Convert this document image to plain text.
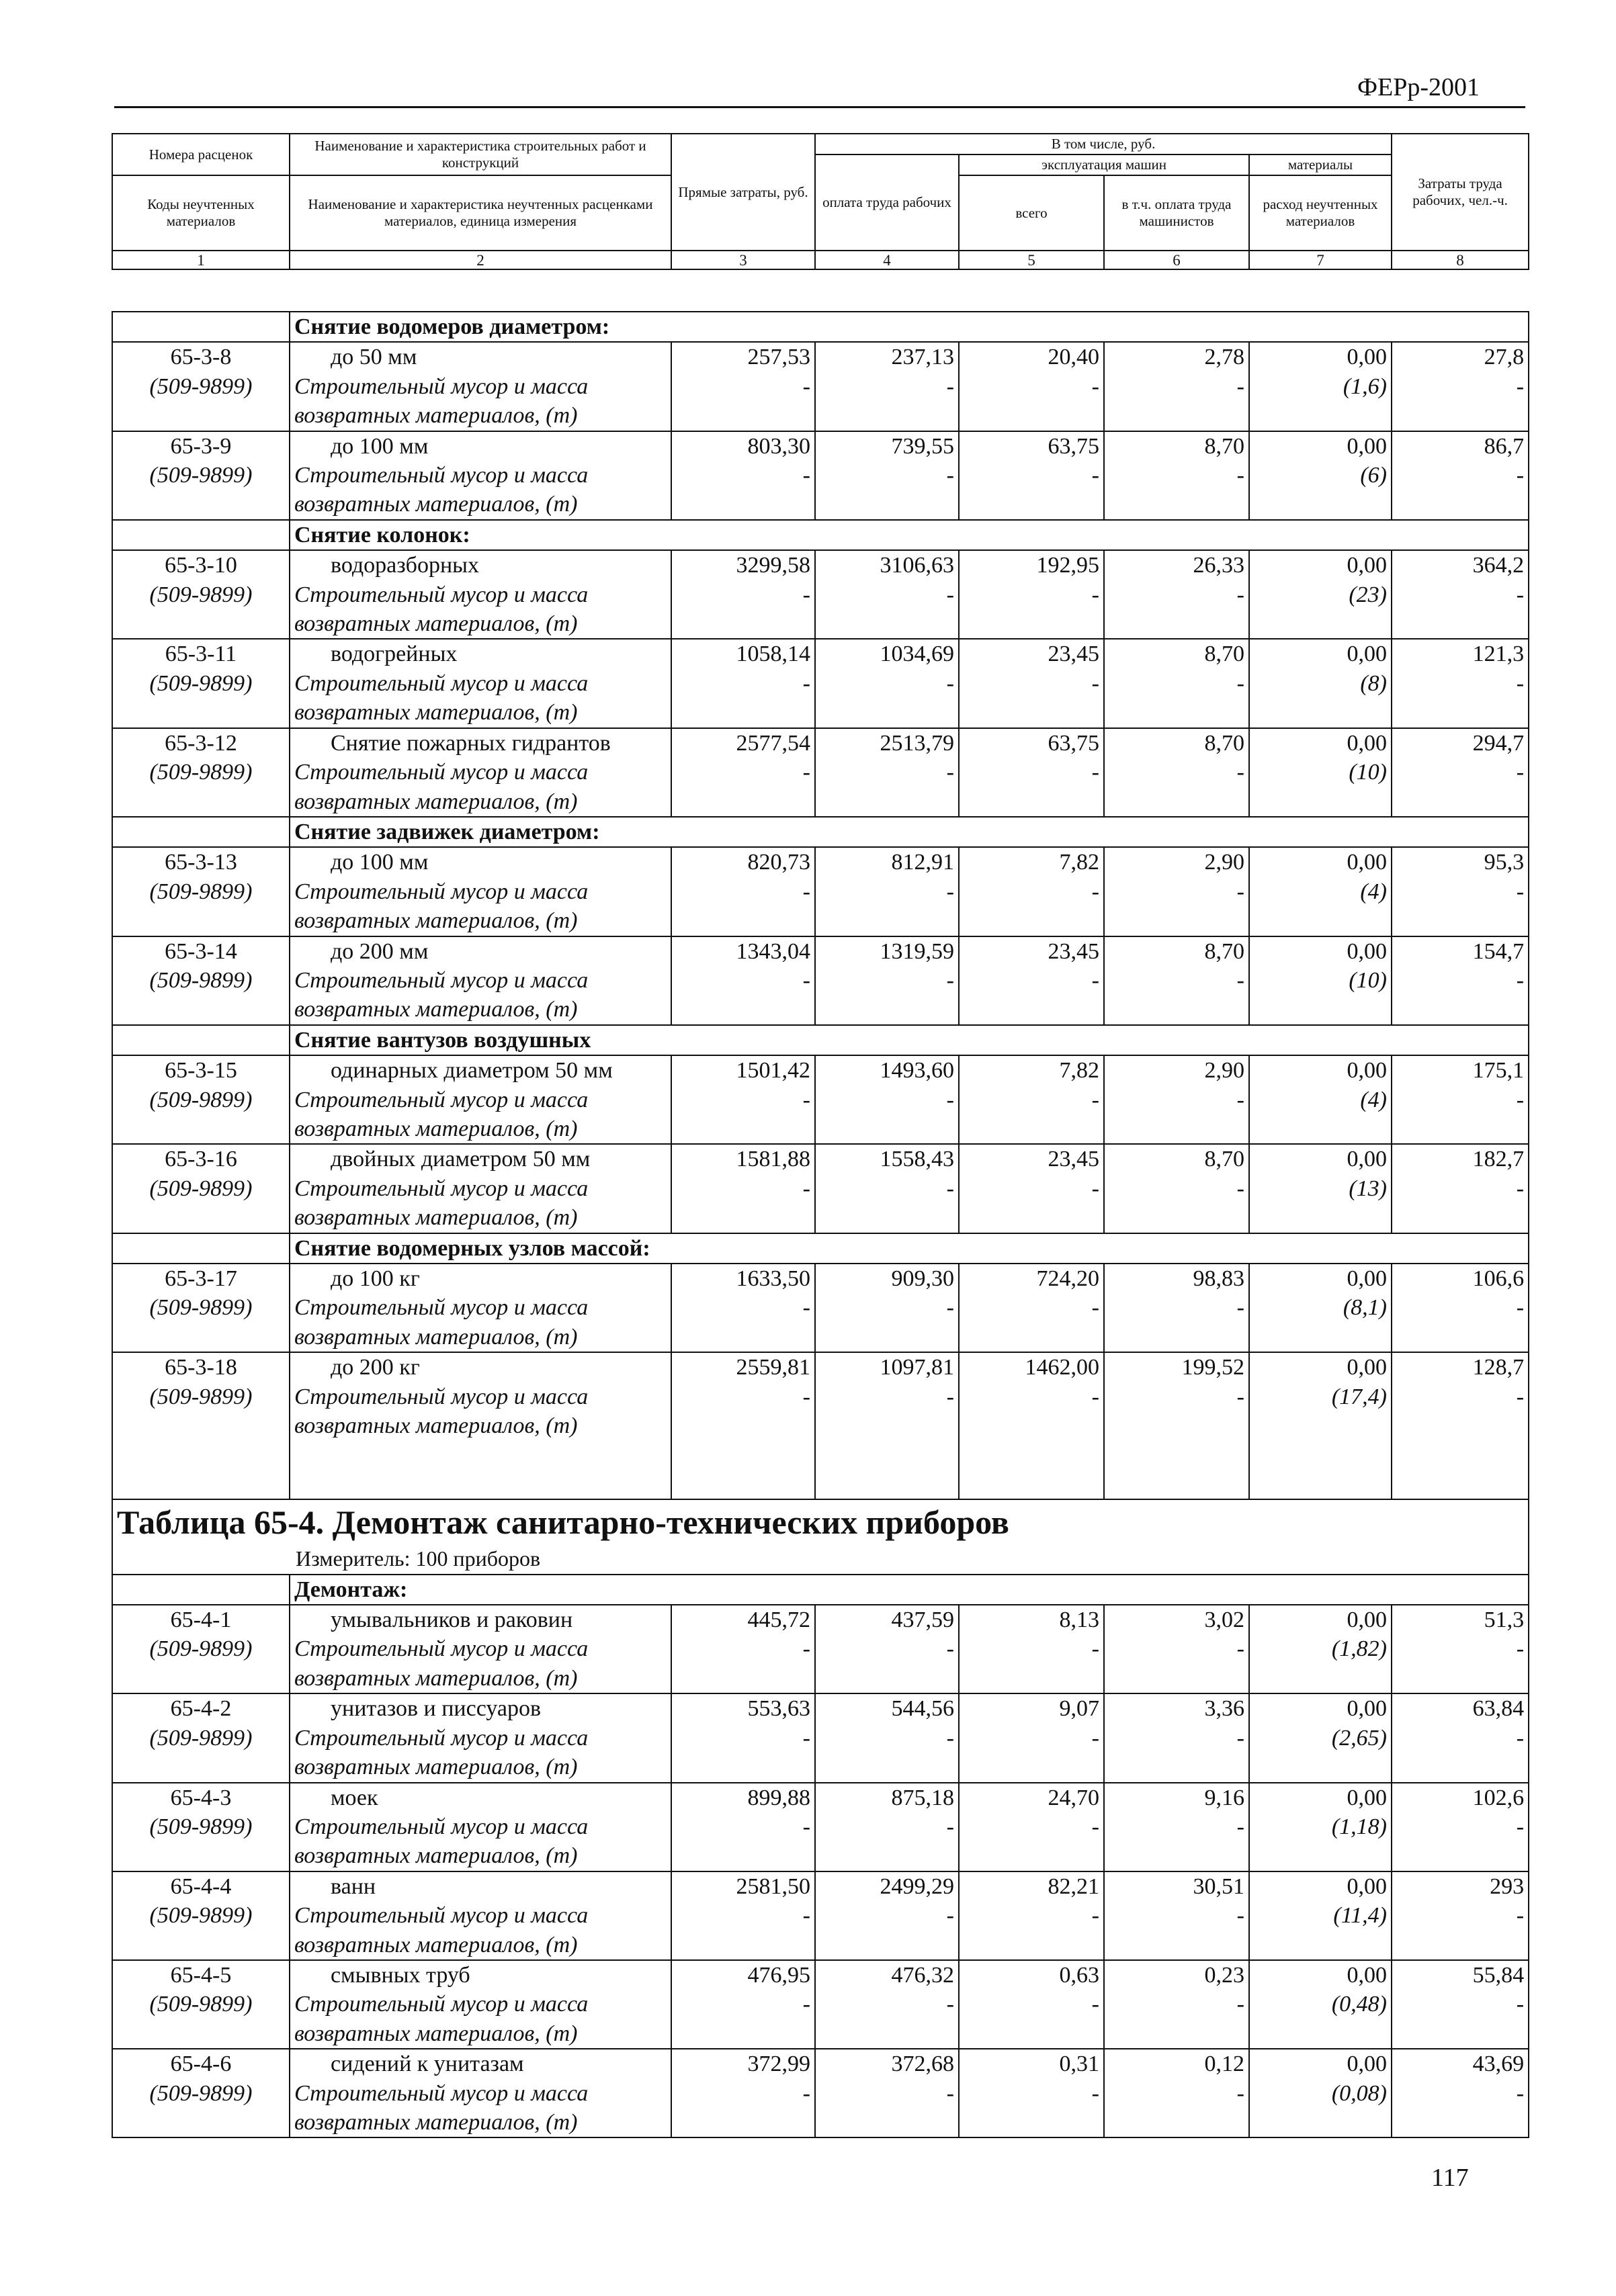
ФЕРр-2001
Номера расценок	Наименование и характеристика строительных работ и конструкций	Прямые затраты, руб.	В том числе, руб.				Затраты труда рабочих, чел.-ч.
			оплата труда рабочих	эксплуатация машин		материалы	
Коды неучтенных материалов	Наименование и характеристика неучтенных расценками материалов, единица измерения			всего	в т.ч. оплата труда машинистов	расход неучтенных материалов	

1	2	3	4	5	6	7	8
	Снятие водомеров диаметром:						
65-3-8	до 50 мм	257,53	237,13	20,40	2,78	0,00	27,8
(509-9899)	Строительный мусор и масса	-	-	-	-	(1,6)	-
	возвратных материалов, (т)						
65-3-9	до 100 мм	803,30	739,55	63,75	8,70	0,00	86,7
(509-9899)	Строительный мусор и масса	-	-	-	-	(6)	-
	возвратных материалов, (т)						
	Снятие колонок:						
65-3-10	водоразборных	3299,58	3106,63	192,95	26,33	0,00	364,2
(509-9899)	Строительный мусор и масса	-	-	-	-	(23)	-
	возвратных материалов, (т)						
65-3-11	водогрейных	1058,14	1034,69	23,45	8,70	0,00	121,3
(509-9899)	Строительный мусор и масса	-	-	-	-	(8)	-
	возвратных материалов, (т)						
65-3-12	Снятие пожарных гидрантов	2577,54	2513,79	63,75	8,70	0,00	294,7
(509-9899)	Строительный мусор и масса	-	-	-	-	(10)	-
	возвратных материалов, (т)						
	Снятие задвижек диаметром:						
65-3-13	до 100 мм	820,73	812,91	7,82	2,90	0,00	95,3
(509-9899)	Строительный мусор и масса	-	-	-	-	(4)	-
	возвратных материалов, (т)						
65-3-14	до 200 мм	1343,04	1319,59	23,45	8,70	0,00	154,7
(509-9899)	Строительный мусор и масса	-	-	-	-	(10)	-
	возвратных материалов, (т)						
	Снятие вантузов воздушных						
65-3-15	одинарных диаметром 50 мм	1501,42	1493,60	7,82	2,90	0,00	175,1
(509-9899)	Строительный мусор и масса	-	-	-	-	(4)	-
	возвратных материалов, (т)						
65-3-16	двойных диаметром 50 мм	1581,88	1558,43	23,45	8,70	0,00	182,7
(509-9899)	Строительный мусор и масса	-	-	-	-	(13)	-
	возвратных материалов, (т)						
	Снятие водомерных узлов массой:						
65-3-17	до 100 кг	1633,50	909,30	724,20	98,83	0,00	106,6
(509-9899)	Строительный мусор и масса	-	-	-	-	(8,1)	-
	возвратных материалов, (т)						
65-3-18	до 200 кг	2559,81	1097,81	1462,00	199,52	0,00	128,7
(509-9899)	Строительный мусор и масса	-	-	-	-	(17,4)	-
	возвратных материалов, (т)						

Таблица 65-4. Демонтаж санитарно-технических приборов							
Измеритель: 100 приборов							
	Демонтаж:						
65-4-1	умывальников и раковин	445,72	437,59	8,13	3,02	0,00	51,3
(509-9899)	Строительный мусор и масса	-	-	-	-	(1,82)	-
	возвратных материалов, (т)						
65-4-2	унитазов и писсуаров	553,63	544,56	9,07	3,36	0,00	63,84
(509-9899)	Строительный мусор и масса	-	-	-	-	(2,65)	-
	возвратных материалов, (т)						
65-4-3	моек	899,88	875,18	24,70	9,16	0,00	102,6
(509-9899)	Строительный мусор и масса	-	-	-	-	(1,18)	-
	возвратных материалов, (т)						
65-4-4	ванн	2581,50	2499,29	82,21	30,51	0,00	293
(509-9899)	Строительный мусор и масса	-	-	-	-	(11,4)	-
	возвратных материалов, (т)						
65-4-5	смывных труб	476,95	476,32	0,63	0,23	0,00	55,84
(509-9899)	Строительный мусор и масса	-	-	-	-	(0,48)	-
	возвратных материалов, (т)						
65-4-6	сидений к унитазам	372,99	372,68	0,31	0,12	0,00	43,69
(509-9899)	Строительный мусор и масса	-	-	-	-	(0,08)	-
	возвратных материалов, (т)						
117
